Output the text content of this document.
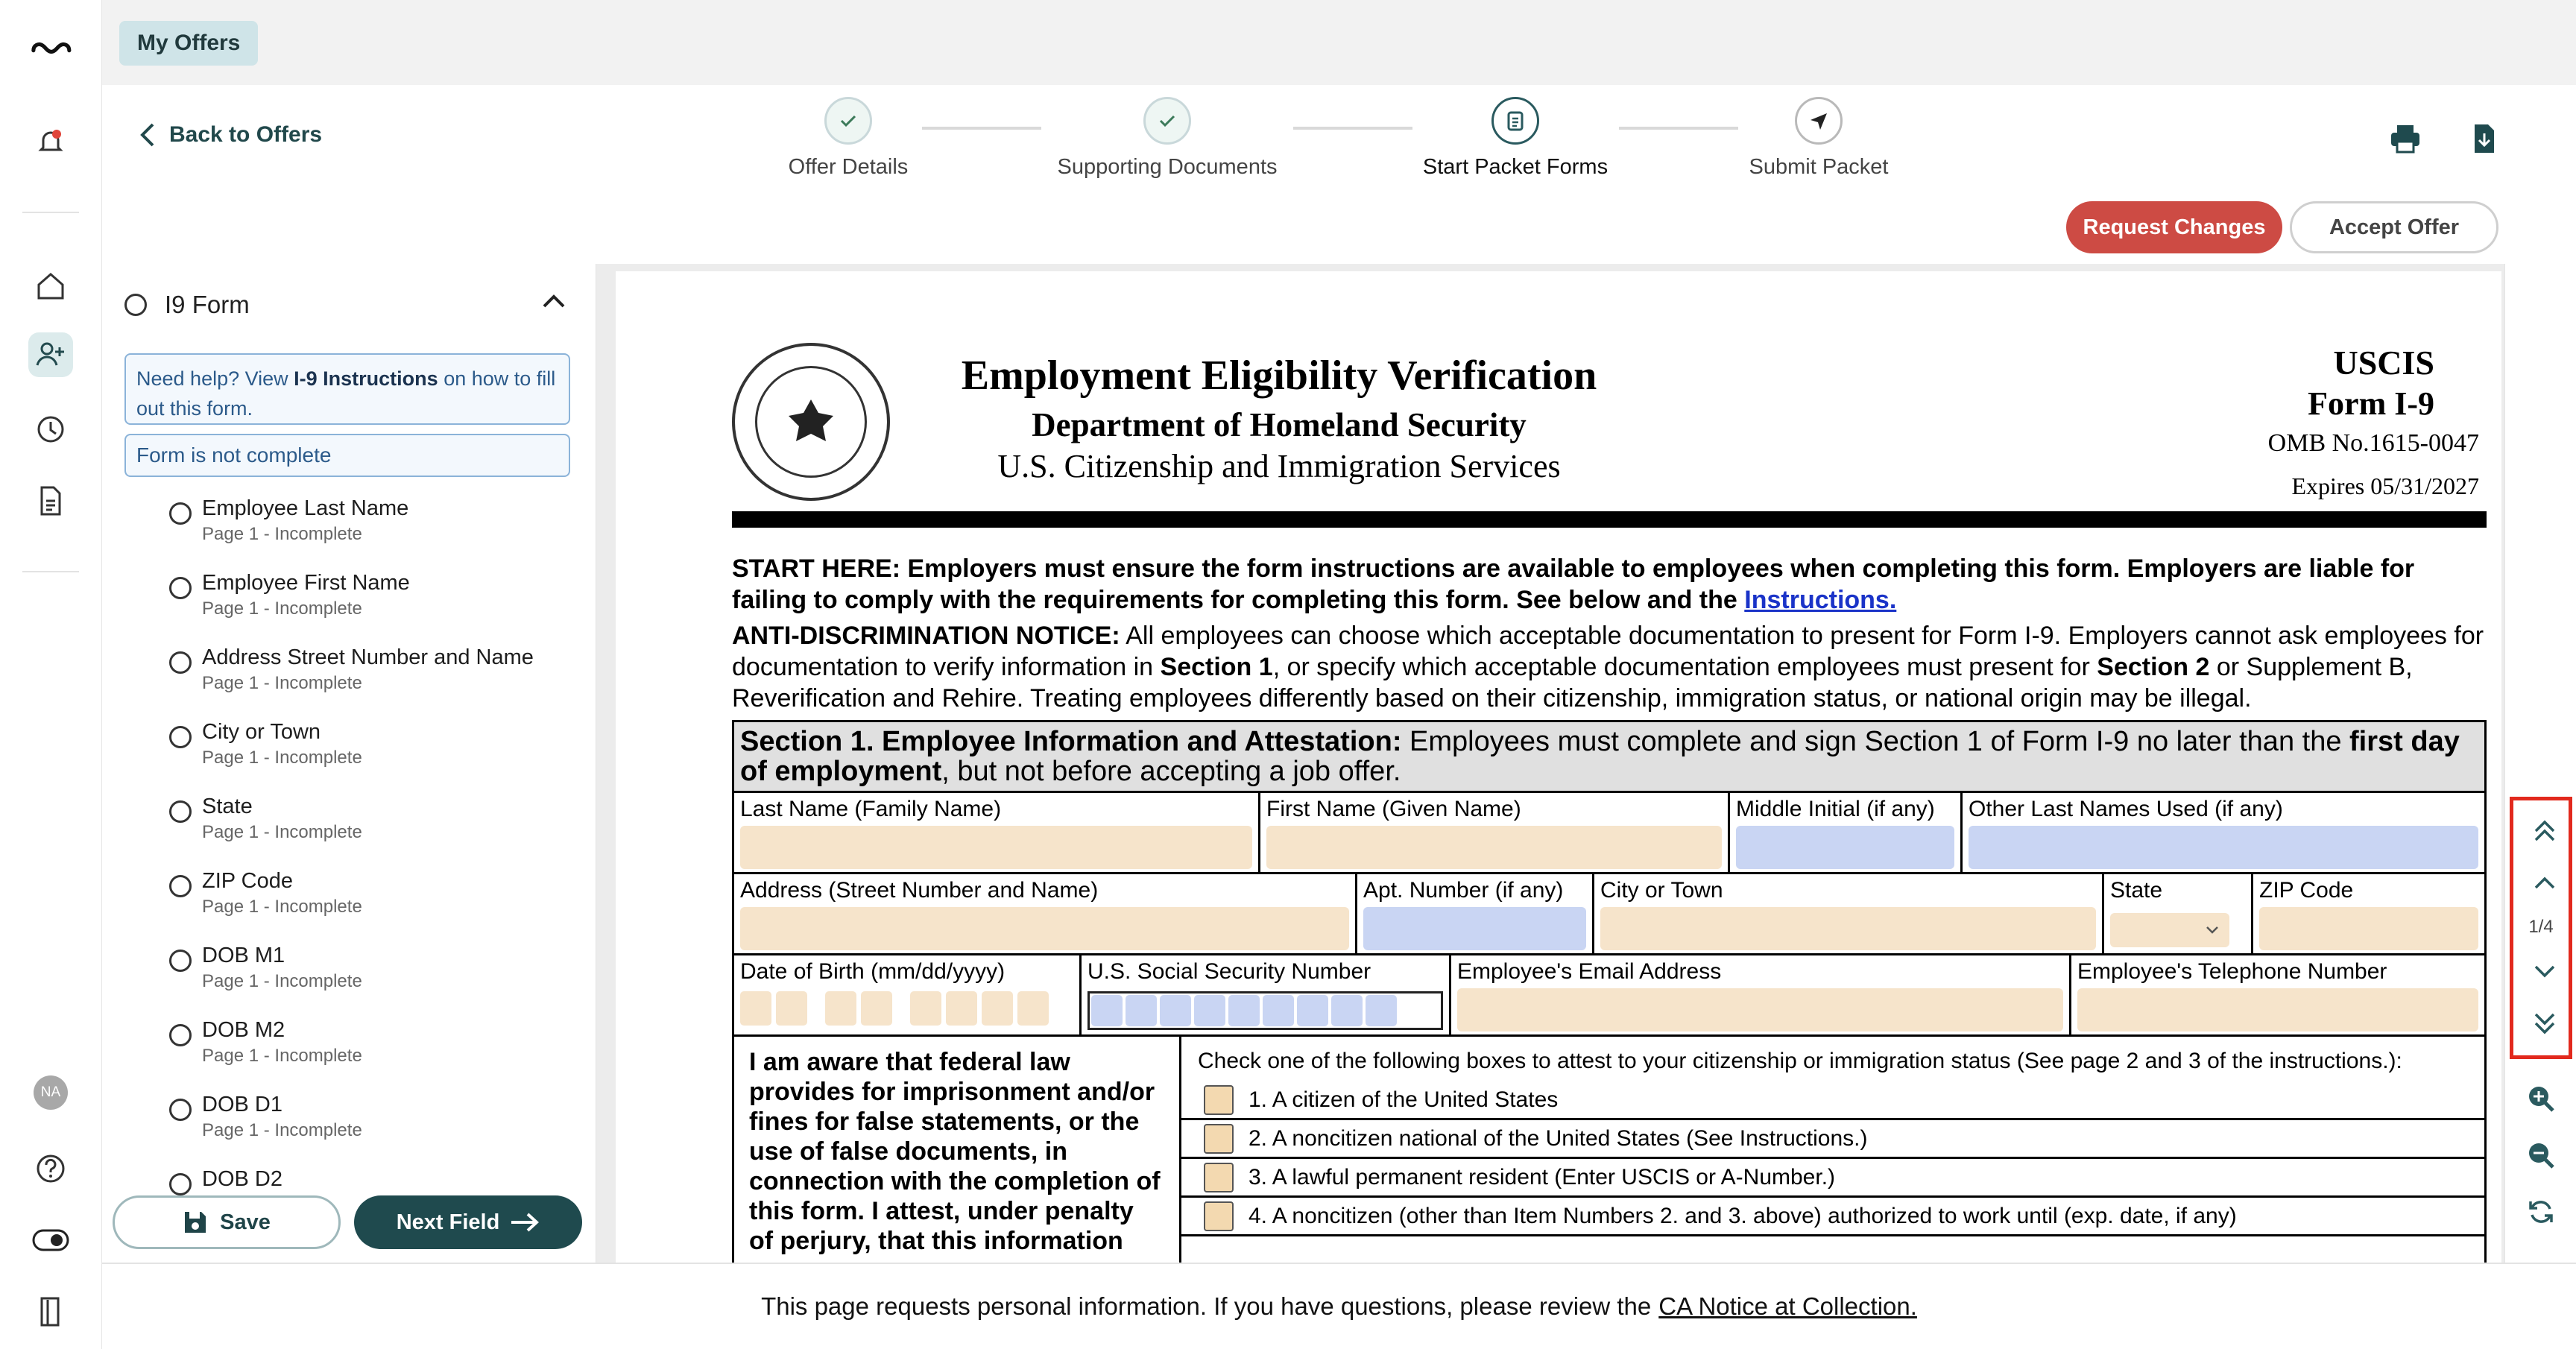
NA
My Offers
Back to Offers
Offer Details	Supporting Documents	Start Packet Forms	Submit Packet
Request Changes	Accept Offer
I9 Form
Need help? View I-9 Instructions on how to fill out this form.
Form is not complete
Employee Last Name
Page 1 - Incomplete
Employee First Name
Page 1 - Incomplete
Address Street Number and Name
Page 1 - Incomplete
City or Town
Page 1 - Incomplete
State
Page 1 - Incomplete
ZIP Code
Page 1 - Incomplete
DOB M1
Page 1 - Incomplete
DOB M2
Page 1 - Incomplete
DOB D1
Page 1 - Incomplete
DOB D2
Save	Next Field
Employment Eligibility Verification
Department of Homeland Security
U.S. Citizenship and Immigration Services
USCIS
Form I-9
OMB No.1615-0047
Expires 05/31/2027
START HERE: Employers must ensure the form instructions are available to employees when completing this form. Employers are liable for failing to comply with the requirements for completing this form. See below and the Instructions.
ANTI-DISCRIMINATION NOTICE: All employees can choose which acceptable documentation to present for Form I-9. Employers cannot ask employees for documentation to verify information in Section 1, or specify which acceptable documentation employees must present for Section 2 or Supplement B, Reverification and Rehire. Treating employees differently based on their citizenship, immigration status, or national origin may be illegal.
Section 1. Employee Information and Attestation: Employees must complete and sign Section 1 of Form I-9 no later than the first day of employment, but not before accepting a job offer.
Last Name (Family Name)	First Name (Given Name)	Middle Initial (if any)	Other Last Names Used (if any)
Address (Street Number and Name)	Apt. Number (if any)	City or Town	State	ZIP Code
Date of Birth (mm/dd/yyyy)	U.S. Social Security Number	Employee's Email Address	Employee's Telephone Number
I am aware that federal law provides for imprisonment and/or fines for false statements, or the use of false documents, in connection with the completion of this form. I attest, under penalty of perjury, that this information
Check one of the following boxes to attest to your citizenship or immigration status (See page 2 and 3 of the instructions.):
1. A citizen of the United States
2. A noncitizen national of the United States (See Instructions.)
3. A lawful permanent resident (Enter USCIS or A-Number.)
4. A noncitizen (other than Item Numbers 2. and 3. above) authorized to work until (exp. date, if any)
1/4
This page requests personal information. If you have questions, please review the CA Notice at Collection.
